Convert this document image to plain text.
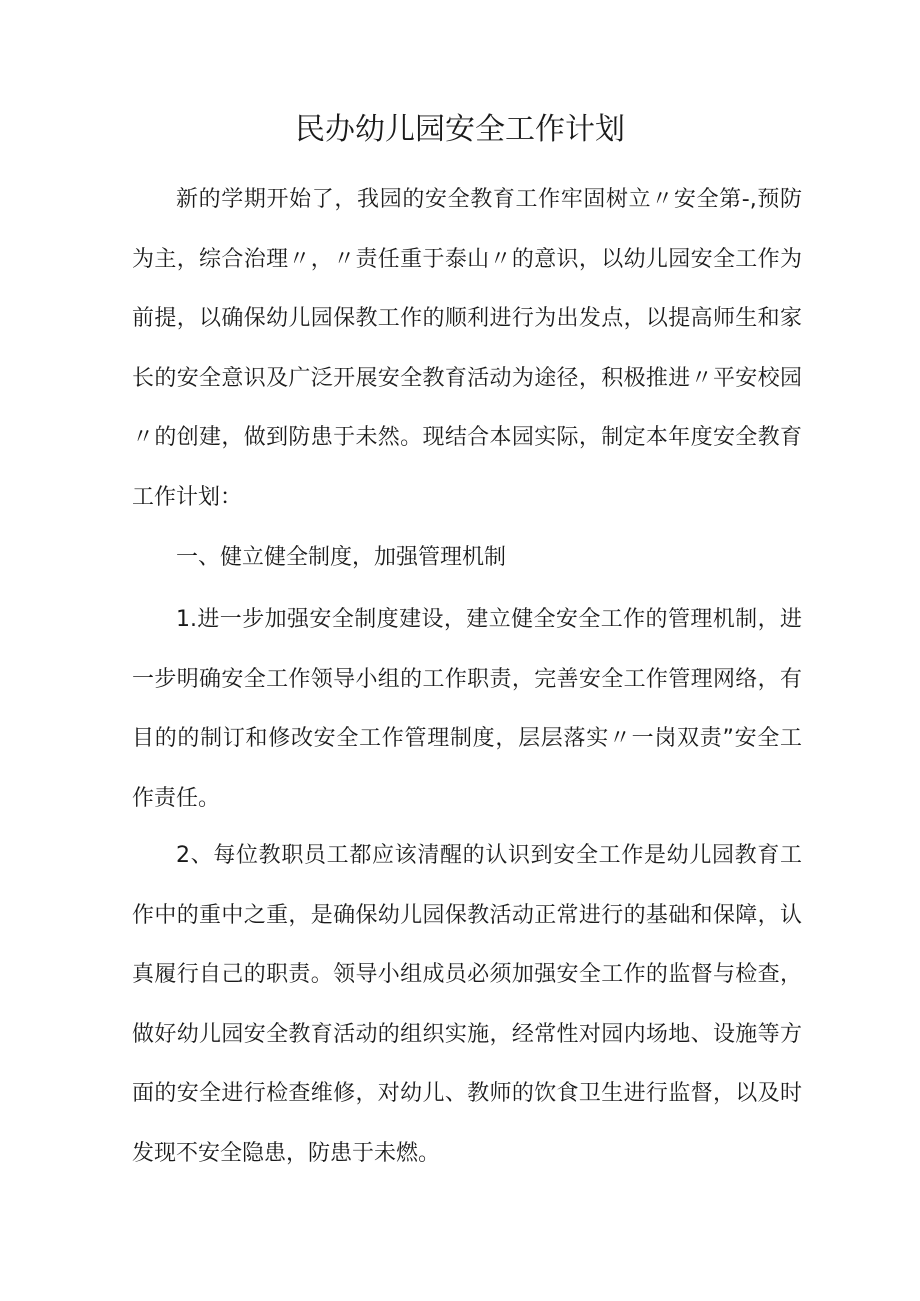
民办幼儿园安全工作计划

新的学期开始了，我园的安全教育工作牢固树立〃安全第-,预防为主，综合治理〃，〃责任重于泰山〃的意识，以幼儿园安全工作为前提，以确保幼儿园保教工作的顺利进行为出发点，以提高师生和家长的安全意识及广泛开展安全教育活动为途径，积极推进〃平安校园〃的创建，做到防患于未然。现结合本园实际，制定本年度安全教育工作计划：

一、健立健全制度，加强管理机制

1.进一步加强安全制度建设，建立健全安全工作的管理机制，进一步明确安全工作领导小组的工作职责，完善安全工作管理网络，有目的的制订和修改安全工作管理制度，层层落实〃一岗双责”安全工作责任。

2、每位教职员工都应该清醒的认识到安全工作是幼儿园教育工作中的重中之重，是确保幼儿园保教活动正常进行的基础和保障，认真履行自己的职责。领导小组成员必须加强安全工作的监督与检查，做好幼儿园安全教育活动的组织实施，经常性对园内场地、设施等方面的安全进行检查维修，对幼儿、教师的饮食卫生进行监督，以及时发现不安全隐患，防患于未燃。
